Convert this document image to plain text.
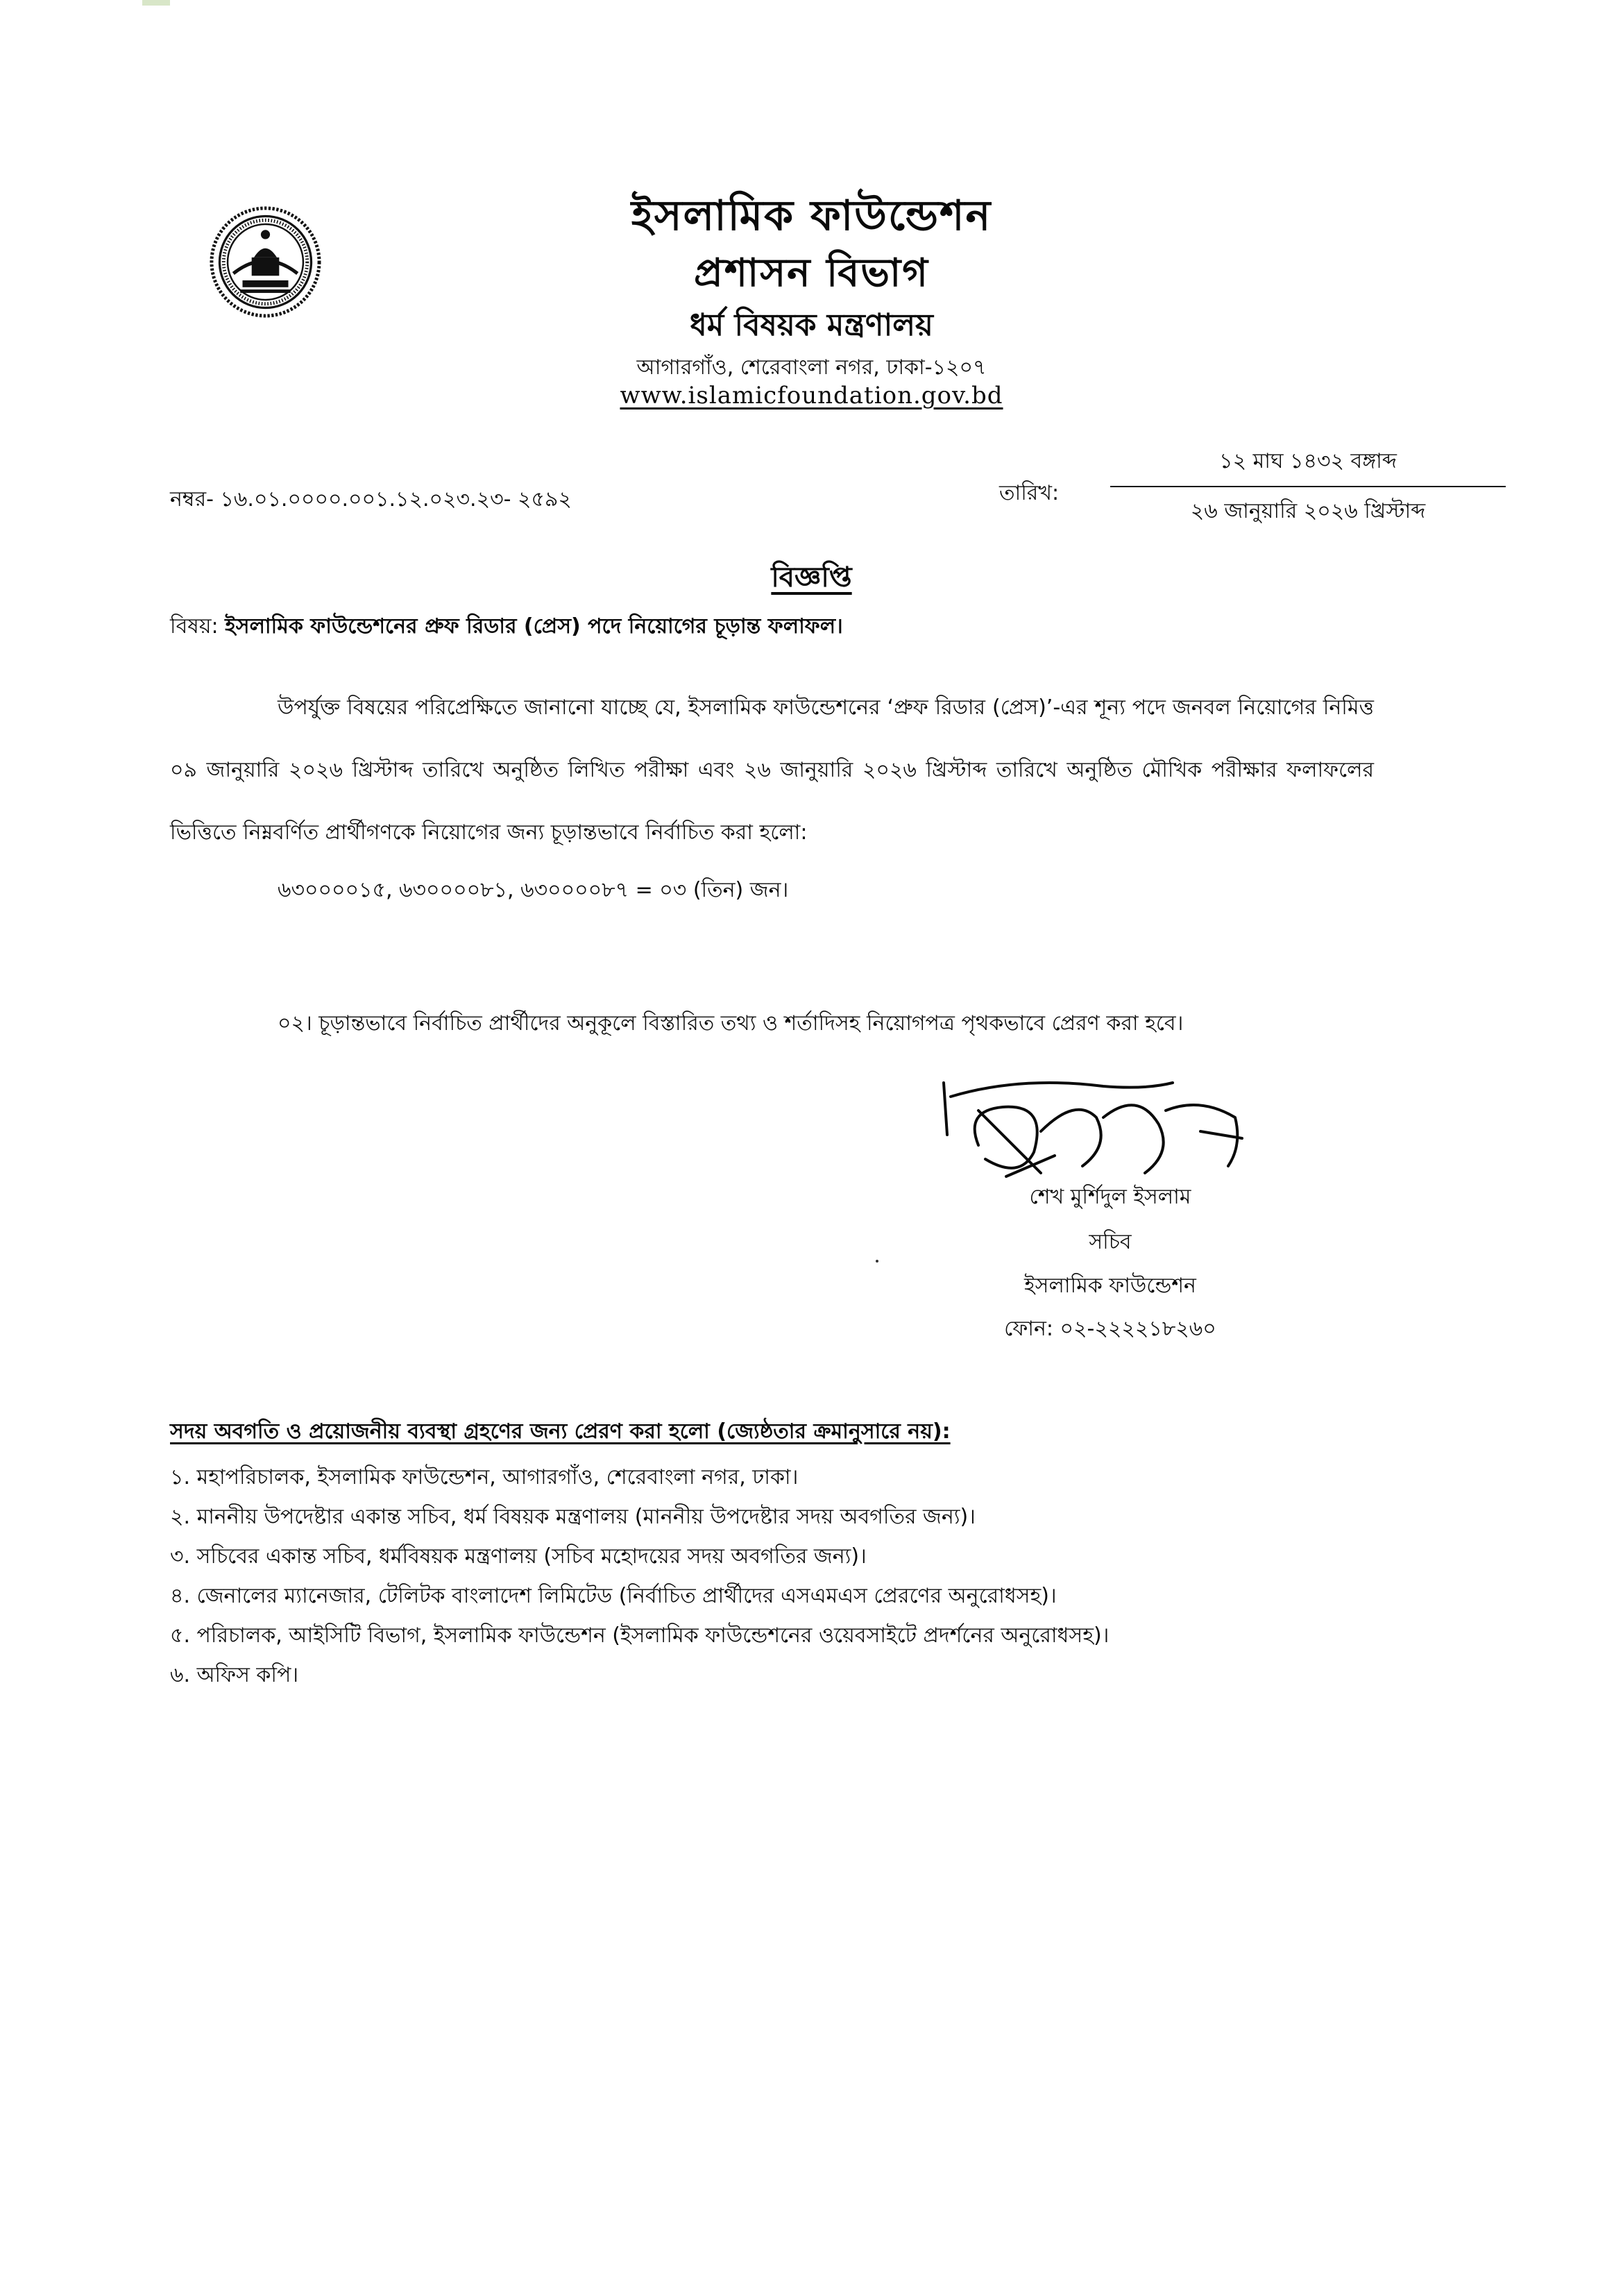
ইসলামিক ফাউন্ডেশন
প্রশাসন বিভাগ
ধর্ম বিষয়ক মন্ত্রণালয়
আগারগাঁও, শেরেবাংলা নগর, ঢাকা-১২০৭
www.islamicfoundation.gov.bd
নম্বর- ১৬.০১.০০০০.০০১.১২.০২৩.২৩- ২৫৯২
১২ মাঘ ১৪৩২ বঙ্গাব্দ
তারিখ:
২৬ জানুয়ারি ২০২৬ খ্রিস্টাব্দ
বিজ্ঞপ্তি
বিষয়: ইসলামিক ফাউন্ডেশনের প্রুফ রিডার (প্রেস) পদে নিয়োগের চূড়ান্ত ফলাফল।
উপর্যুক্ত বিষয়ের পরিপ্রেক্ষিতে জানানো যাচ্ছে যে, ইসলামিক ফাউন্ডেশনের ‘প্রুফ রিডার (প্রেস)’-এর শূন্য পদে জনবল নিয়োগের নিমিত্ত ০৯ জানুয়ারি ২০২৬ খ্রিস্টাব্দ তারিখে অনুষ্ঠিত লিখিত পরীক্ষা এবং ২৬ জানুয়ারি ২০২৬ খ্রিস্টাব্দ তারিখে অনুষ্ঠিত মৌখিক পরীক্ষার ফলাফলের ভিত্তিতে নিম্নবর্ণিত প্রার্থীগণকে নিয়োগের জন্য চূড়ান্তভাবে নির্বাচিত করা হলো:
৬৩০০০০১৫, ৬৩০০০০৮১, ৬৩০০০০৮৭ = ০৩ (তিন) জন।
০২। চূড়ান্তভাবে নির্বাচিত প্রার্থীদের অনুকূলে বিস্তারিত তথ্য ও শর্তাদিসহ নিয়োগপত্র পৃথকভাবে প্রেরণ করা হবে।
শেখ মুর্শিদুল ইসলাম
সচিব
ইসলামিক ফাউন্ডেশন
ফোন: ০২-২২২২১৮২৬০
সদয় অবগতি ও প্রয়োজনীয় ব্যবস্থা গ্রহণের জন্য প্রেরণ করা হলো (জ্যেষ্ঠতার ক্রমানুসারে নয়):
১. মহাপরিচালক, ইসলামিক ফাউন্ডেশন, আগারগাঁও, শেরেবাংলা নগর, ঢাকা।
২. মাননীয় উপদেষ্টার একান্ত সচিব, ধর্ম বিষয়ক মন্ত্রণালয় (মাননীয় উপদেষ্টার সদয় অবগতির জন্য)।
৩. সচিবের একান্ত সচিব, ধর্মবিষয়ক মন্ত্রণালয় (সচিব মহোদয়ের সদয় অবগতির জন্য)।
৪. জেনালের ম্যানেজার, টেলিটক বাংলাদেশ লিমিটেড (নির্বাচিত প্রার্থীদের এসএমএস প্রেরণের অনুরোধসহ)।
৫. পরিচালক, আইসিটি বিভাগ, ইসলামিক ফাউন্ডেশন (ইসলামিক ফাউন্ডেশনের ওয়েবসাইটে প্রদর্শনের অনুরোধসহ)।
৬. অফিস কপি।
